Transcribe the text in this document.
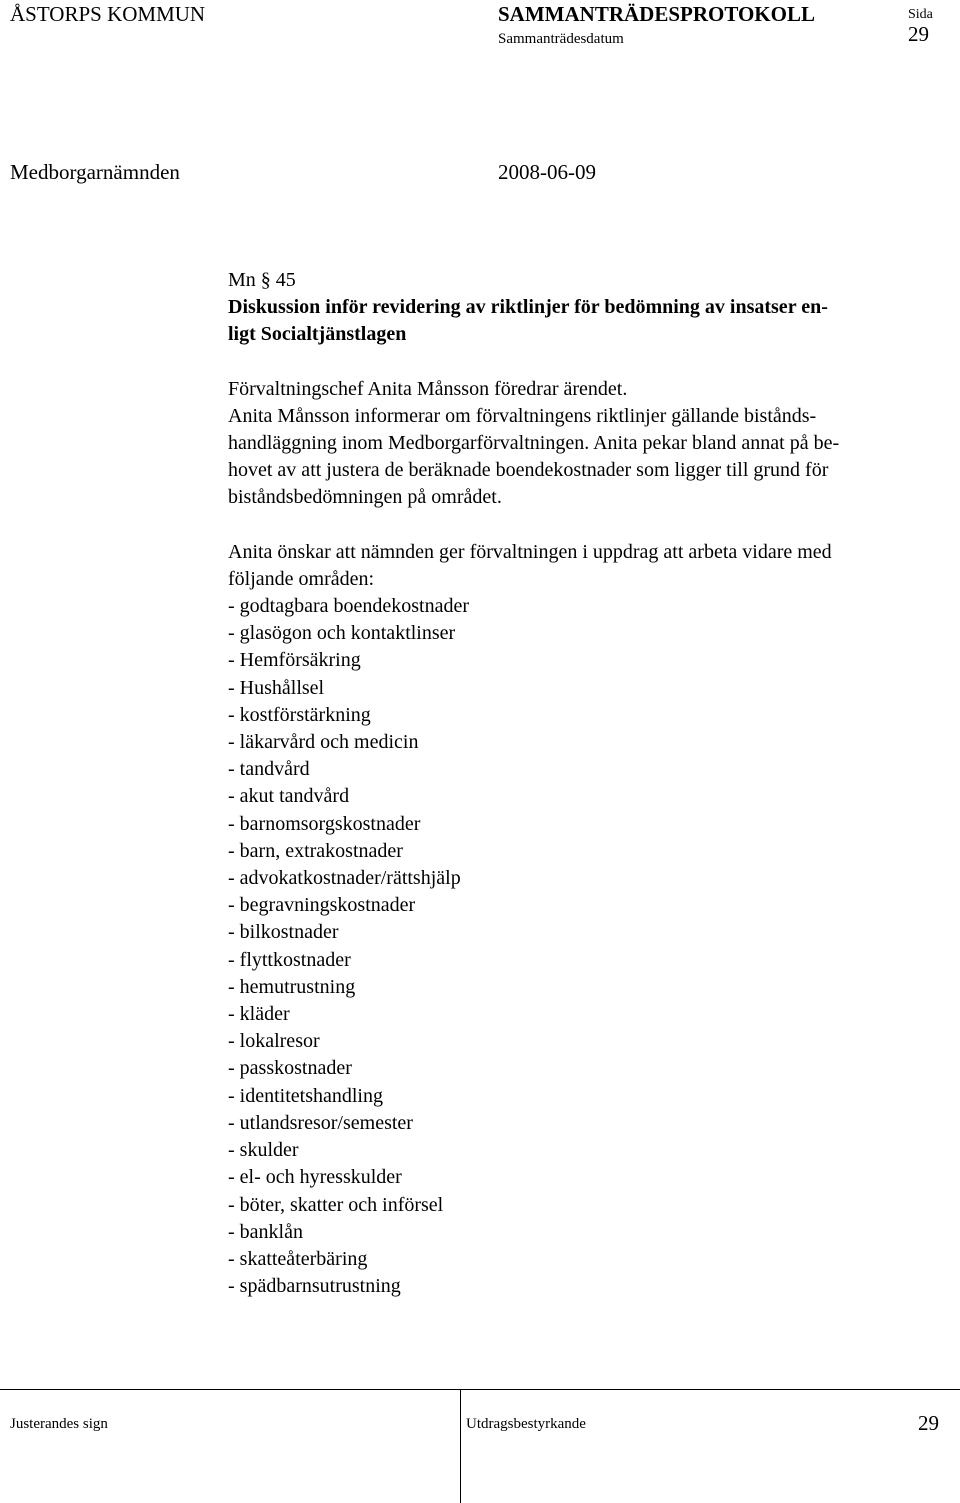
ÅSTORPS KOMMUN	SAMMANTRÄDESPROTOKOLL
Sammanträdesdatum
Sida
29
Medborgarnämnden	2008-06-09

Mn § 45

Diskussion inför revidering av riktlinjer för bedömning av insatser en-
ligt Socialtjänstlagen

Förvaltningschef Anita Månsson föredrar ärendet.

Anita Månsson informerar om förvaltningens riktlinjer gällande bistånds-
handläggning inom Medborgarförvaltningen. Anita pekar bland annat på be-
hovet av att justera de beräknade boendekostnader som ligger till grund för
biståndsbedömningen på området.
Anita önskar att nämnden ger förvaltningen i uppdrag att arbeta vidare med
följande områden:
- godtagbara boendekostnader
- glasögon och kontaktlinser
- Hemförsäkring
- Hushållsel
- kostförstärkning
- läkarvård och medicin
- tandvård
- akut tandvård
- barnomsorgskostnader
- barn, extrakostnader
- advokatkostnader/rättshjälp
- begravningskostnader
- bilkostnader
- flyttkostnader
- hemutrustning
- kläder
- lokalresor
- passkostnader
- identitetshandling
- utlandsresor/semester
- skulder
- el- och hyresskulder
- böter, skatter och införsel
- banklån
- skatteåterbäring
- spädbarnsutrustning
Justerandes sign	Utdragsbestyrkande	29
